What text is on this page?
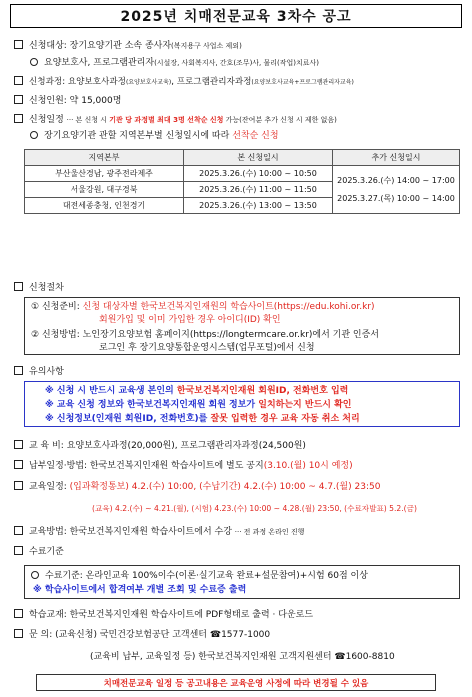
2025년 치매전문교육 3차수 공고
신청대상: 장기요양기관 소속 종사자(복지용구 사업소 제외)
요양보호사, 프로그램관리자(시설장, 사회복지사, 간호(조무)사, 물리(작업)치료사)
신청과정: 요양보호사과정(요양보호사교육), 프로그램관리자과정(요양보호사교육+프로그램관리자교육)
신청인원: 약 15,000명
신청일정 ··· 본 신청 시 기관 당 과정별 최대 3명 선착순 신청 가능(잔여분 추가 신청 시 제한 없음)
장기요양기관 관할 지역본부별 신청일시에 따라 선착순 신청
지역본부	본 신청일시	추가 신청일시
부산울산경남, 광주전라제주	2025.3.26.(수) 10:00 ~ 10:50	2025.3.26.(수) 14:00 ~ 17:00
2025.3.27.(목) 10:00 ~ 14:00

서울강원, 대구경북	2025.3.26.(수) 11:00 ~ 11:50	
대전세종충청, 인천경기	2025.3.26.(수) 13:00 ~ 13:50	
신청절차
① 신청준비: 신청 대상자별 한국보건복지인재원의 학습사이트(https://edu.kohi.or.kr)
회원가입 및 이미 가입한 경우 아이디(ID) 확인
② 신청방법: 노인장기요양보험 홈페이지(https://longtermcare.or.kr)에서 기관 인증서
로그인 후 장기요양통합운영시스템(업무포털)에서 신청
유의사항
※ 신청 시 반드시 교육생 본인의 한국보건복지인재원 회원ID, 전화번호 입력
※ 교육 신청 정보와 한국보건복지인재원 회원 정보가 일치하는지 반드시 확인
※ 신청정보(인재원 회원ID, 전화번호)를 잘못 입력한 경우 교육 자동 취소 처리
교 육 비: 요양보호사과정(20,000원), 프로그램관리자과정(24,500원)
납부일정·방법: 한국보건복지인재원 학습사이트에 별도 공지(3.10.(월) 10시 예정)
교육일정: (입과확정통보) 4.2.(수) 10:00, (수납기간) 4.2.(수) 10:00 ~ 4.7.(월) 23:50
(교육) 4.2.(수) ~ 4.21.(월), (시험) 4.23.(수) 10:00 ~ 4.28.(월) 23:50, (수료자발표) 5.2.(금)
교육방법: 한국보건복지인재원 학습사이트에서 수강 ··· 전 과정 온라인 진행
수료기준
수료기준: 온라인교육 100%이수(이론·실기교육 완료+설문참여)+시험 60점 이상
※ 학습사이트에서 합격여부 개별 조회 및 수료증 출력
학습교재: 한국보건복지인재원 학습사이트에 PDF형태로 출력 · 다운로드
문 의: (교육신청) 국민건강보험공단 고객센터 ☎1577-1000
(교육비 납부, 교육일정 등) 한국보건복지인재원 고객지원센터 ☎1600-8810
치매전문교육 일정 등 공고내용은 교육운영 사정에 따라 변경될 수 있음
